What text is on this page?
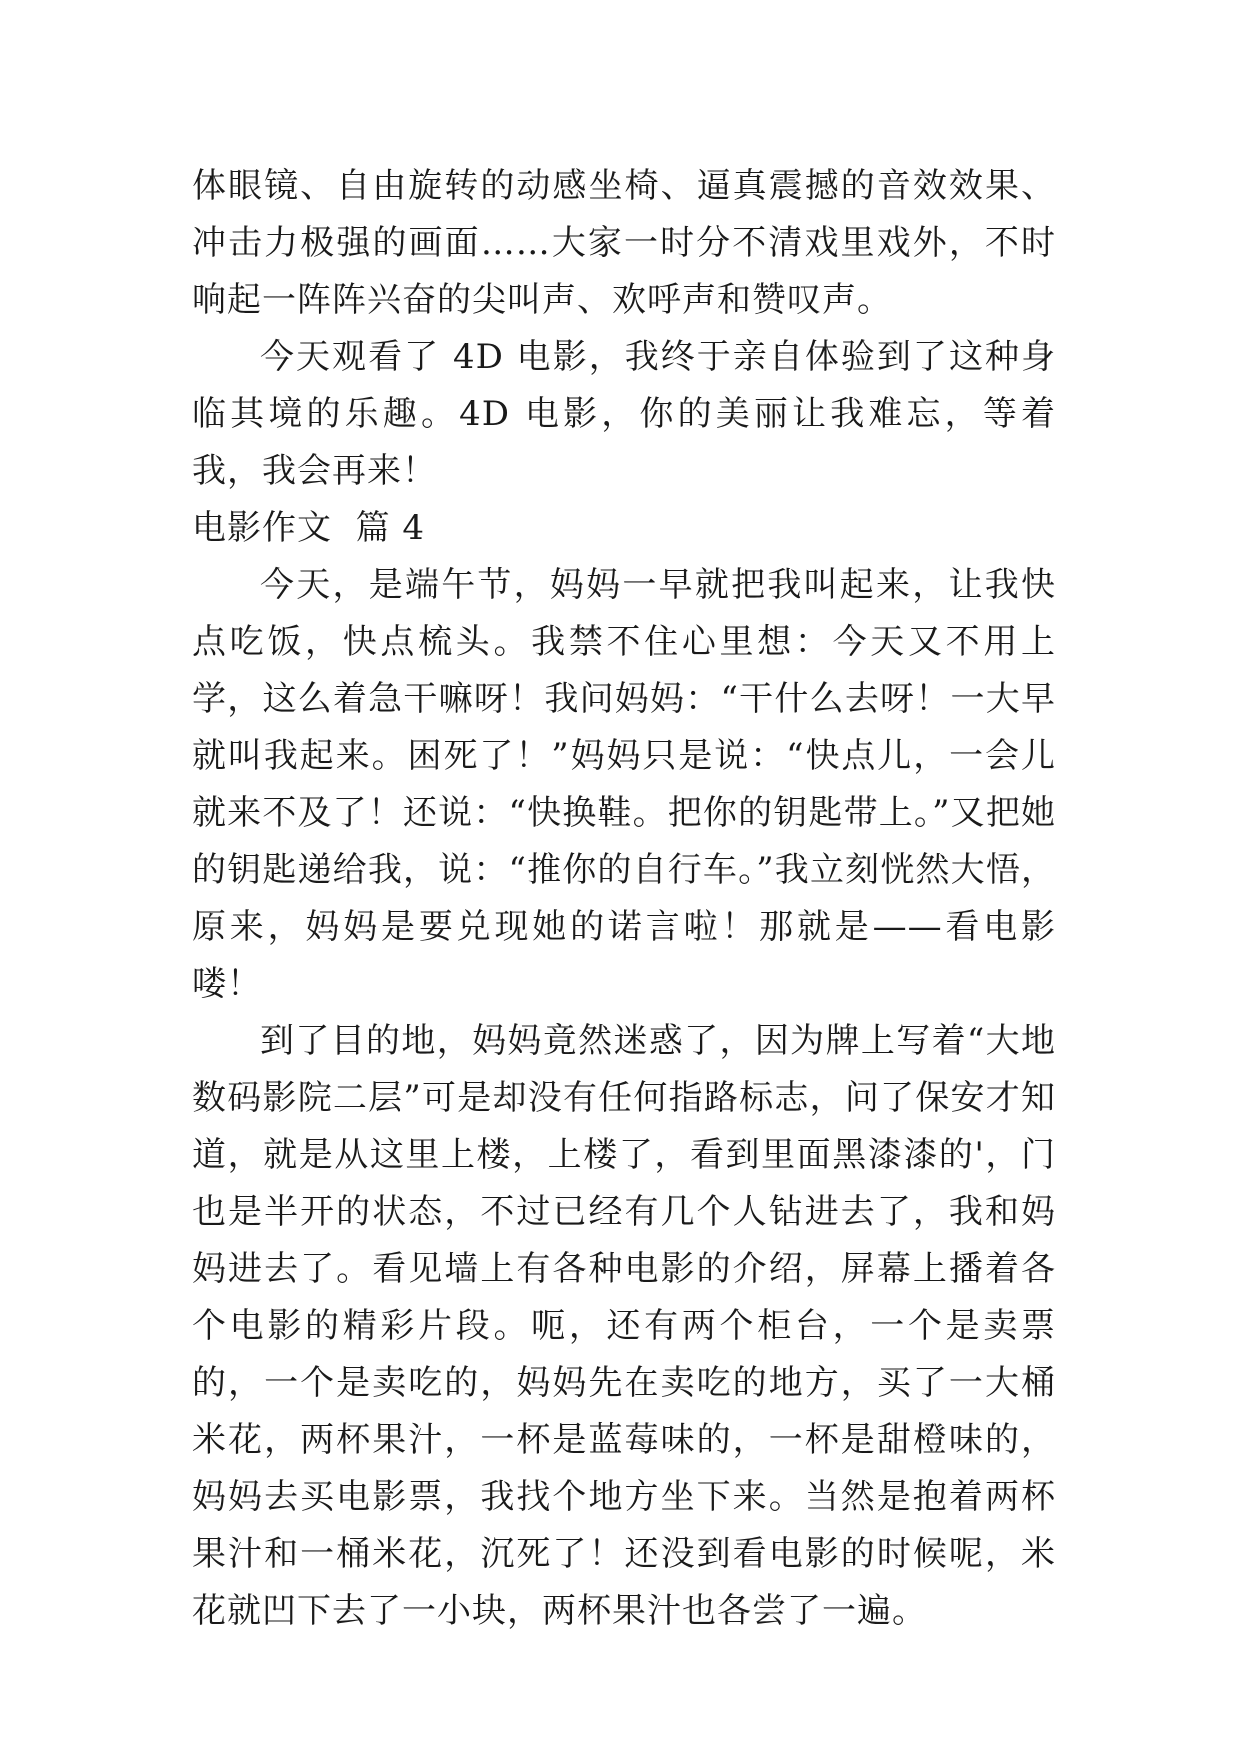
体眼镜、自由旋转的动感坐椅、逼真震撼的音效效果、冲击力极强的画面……大家一时分不清戏里戏外，不时响起一阵阵兴奋的尖叫声、欢呼声和赞叹声。

今天观看了 4D 电影，我终于亲自体验到了这种身临其境的乐趣。4D 电影，你的美丽让我难忘，等着我，我会再来！

电影作文  篇 4

今天，是端午节，妈妈一早就把我叫起来，让我快点吃饭，快点梳头。我禁不住心里想：今天又不用上学，这么着急干嘛呀！我问妈妈：“干什么去呀！一大早就叫我起来。困死了！”妈妈只是说：“快点儿，一会儿就来不及了！还说：“快换鞋。把你的钥匙带上。”又把她的钥匙递给我，说：“推你的自行车。”我立刻恍然大悟，原来，妈妈是要兑现她的诺言啦！那就是——看电影喽！

到了目的地，妈妈竟然迷惑了，因为牌上写着“大地数码影院二层”可是却没有任何指路标志，问了保安才知道，就是从这里上楼，上楼了，看到里面黑漆漆的'，门也是半开的状态，不过已经有几个人钻进去了，我和妈妈进去了。看见墙上有各种电影的介绍，屏幕上播着各个电影的精彩片段。呃，还有两个柜台，一个是卖票的，一个是卖吃的，妈妈先在卖吃的地方，买了一大桶米花，两杯果汁，一杯是蓝莓味的，一杯是甜橙味的，妈妈去买电影票，我找个地方坐下来。当然是抱着两杯果汁和一桶米花，沉死了！还没到看电影的时候呢，米花就凹下去了一小块，两杯果汁也各尝了一遍。
